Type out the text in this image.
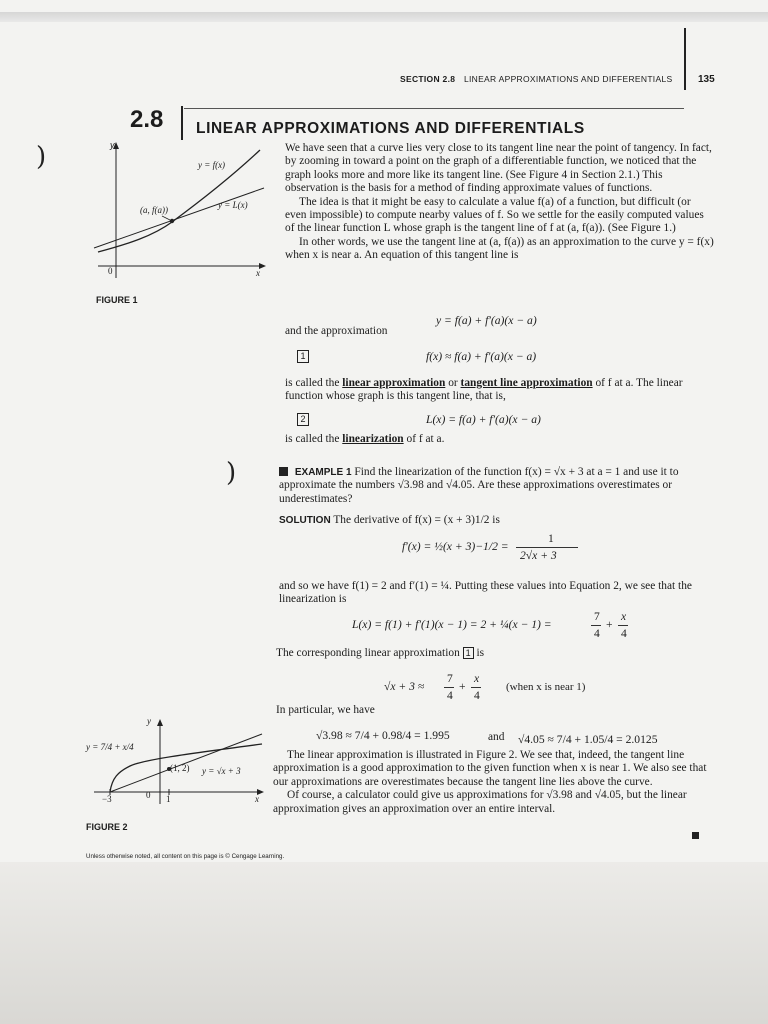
SECTION 2.8 LINEAR APPROXIMATIONS AND DIFFERENTIALS	135
2.8 LINEAR APPROXIMATIONS AND DIFFERENTIALS
)
)
y
x
0
y = f(x)
y = L(x)
(a, f(a))
FIGURE 1

We have seen that a curve lies very close to its tangent line near the point of tangency. In fact, by zooming in toward a point on the graph of a differentiable function, we noticed that the graph looks more and more like its tangent line. (See Figure 4 in Section 2.1.) This observation is the basis for a method of finding approximate values of functions.

The idea is that it might be easy to calculate a value f(a) of a function, but difficult (or even impossible) to compute nearby values of f. So we settle for the easily computed values of the linear function L whose graph is the tangent line of f at (a, f(a)). (See Figure 1.)

In other words, we use the tangent line at (a, f(a)) as an approximation to the curve y = f(x) when x is near a. An equation of this tangent line is

y = f(a) + f′(a)(x − a)
and the approximation
1	f(x) ≈ f(a) + f′(a)(x − a)
is called the linear approximation or tangent line approximation of f at a. The linear function whose graph is this tangent line, that is,
2	L(x) = f(a) + f′(a)(x − a)
is called the linearization of f at a.
EXAMPLE 1 Find the linearization of the function f(x) = √x + 3 at a = 1 and use it to approximate the numbers √3.98 and √4.05. Are these approximations overestimates or underestimates?
SOLUTION The derivative of f(x) = (x + 3)1/2 is
f′(x) = ½(x + 3)−1/2 =
1
2√x + 3
and so we have f(1) = 2 and f′(1) = ¼. Putting these values into Equation 2, we see that the linearization is
L(x) = f(1) + f′(1)(x − 1) = 2 + ¼(x − 1) =
7
4
+
x
4
The corresponding linear approximation 1 is
√x + 3 ≈
7
4
+
x
4
(when x is near 1)
In particular, we have
√3.98 ≈ 7/4 + 0.98/4 = 1.995	and √4.05 ≈ 7/4 + 1.05/4 = 2.0125

The linear approximation is illustrated in Figure 2. We see that, indeed, the tangent line approximation is a good approximation to the given function when x is near 1. We also see that our approximations are overestimates because the tangent line lies above the curve.

Of course, a calculator could give us approximations for √3.98 and √4.05, but the linear approximation gives an approximation over an entire interval.

y
x
0
−3	1
y = 7/4 + x/4
y = √x + 3
(1, 2)
FIGURE 2
Unless otherwise noted, all content on this page is © Cengage Learning.
